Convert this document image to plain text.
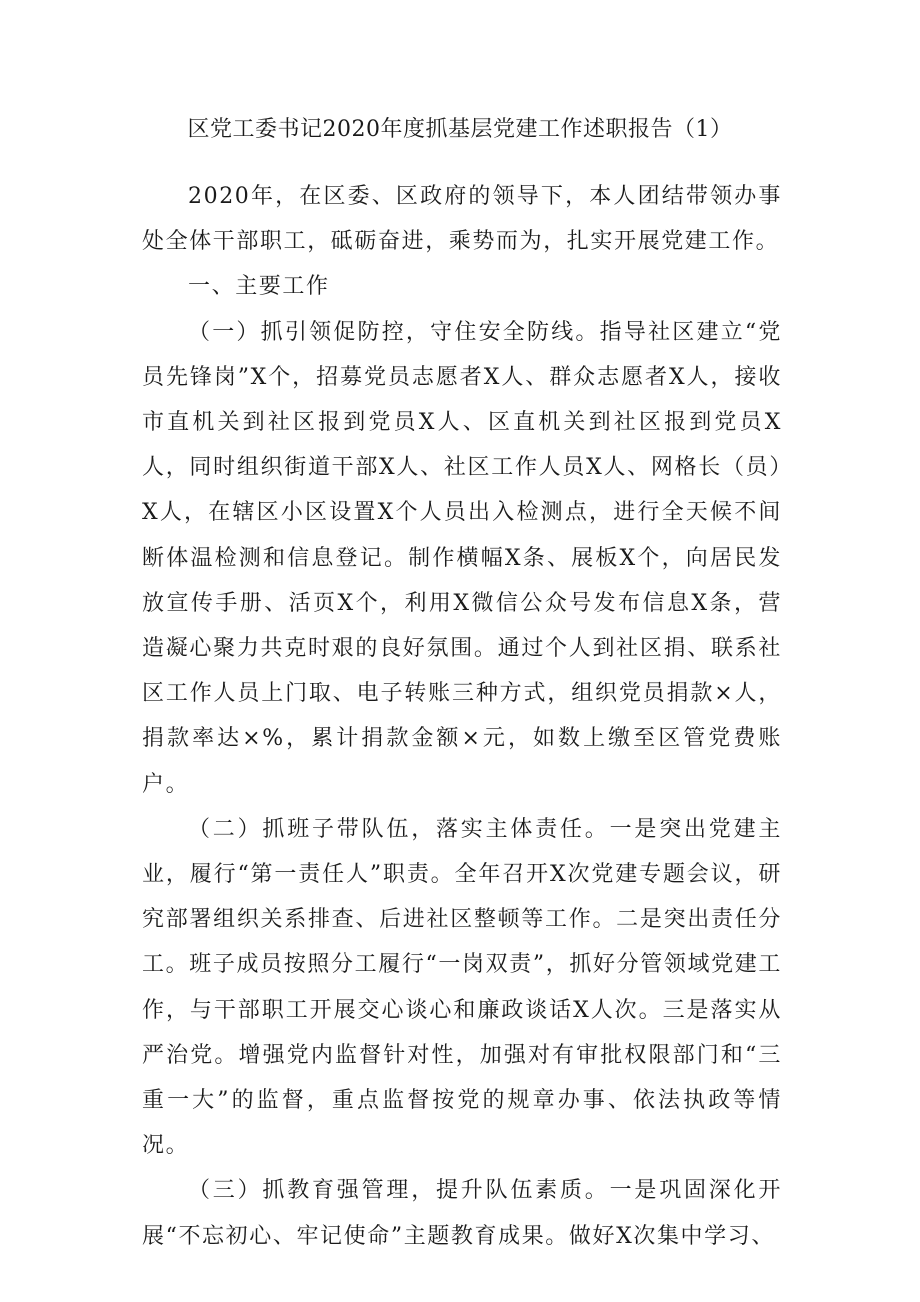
区党工委书记2020年度抓基层党建工作述职报告（1）

2020年，在区委、区政府的领导下，本人团结带领办事处全体干部职工，砥砺奋进，乘势而为，扎实开展党建工作。

一、主要工作

（一）抓引领促防控，守住安全防线。指导社区建立“党员先锋岗”X个，招募党员志愿者X人、群众志愿者X人，接收市直机关到社区报到党员X人、区直机关到社区报到党员X人，同时组织街道干部X人、社区工作人员X人、网格长（员）X人，在辖区小区设置X个人员出入检测点，进行全天候不间断体温检测和信息登记。制作横幅X条、展板X个，向居民发放宣传手册、活页X个，利用X微信公众号发布信息X条，营造凝心聚力共克时艰的良好氛围。通过个人到社区捐、联系社区工作人员上门取、电子转账三种方式，组织党员捐款×人，捐款率达×%，累计捐款金额×元，如数上缴至区管党费账户。

（二）抓班子带队伍，落实主体责任。一是突出党建主业，履行“第一责任人”职责。全年召开X次党建专题会议，研究部署组织关系排查、后进社区整顿等工作。二是突出责任分工。班子成员按照分工履行“一岗双责”，抓好分管领域党建工作，与干部职工开展交心谈心和廉政谈话X人次。三是落实从严治党。增强党内监督针对性，加强对有审批权限部门和“三重一大”的监督，重点监督按党的规章办事、依法执政等情况。

（三）抓教育强管理，提升队伍素质。一是巩固深化开展“不忘初心、牢记使命”主题教育成果。做好X次集中学习、
